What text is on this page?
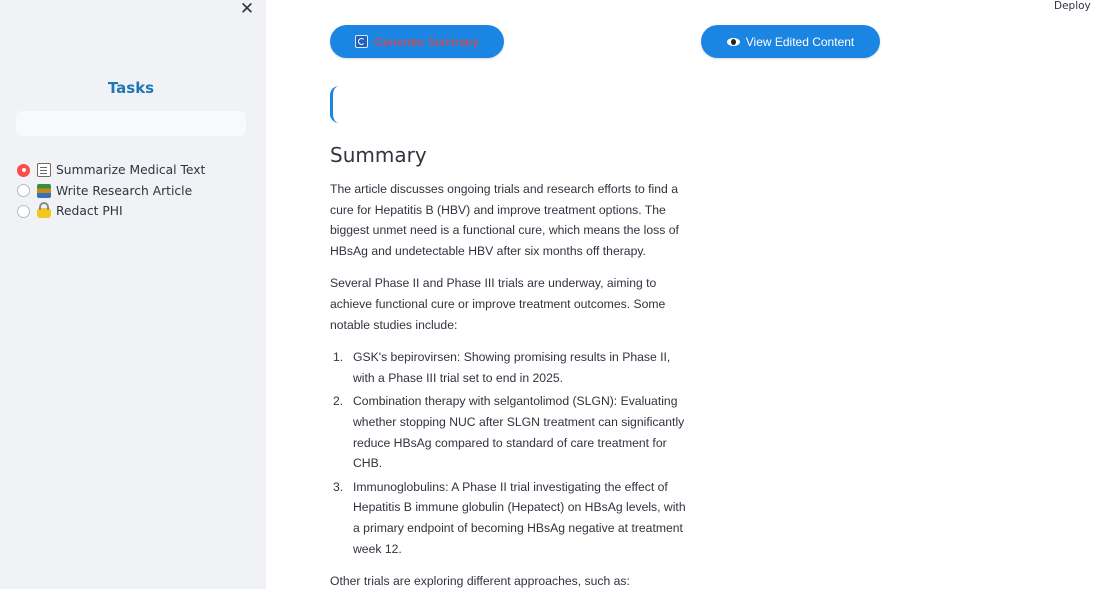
✕
Tasks
Summarize Medical Text
Write Research Article
Redact PHI
Deploy
Generate Summary	View Edited Content
Summary

The article discusses ongoing trials and research efforts to find a cure for Hepatitis B (HBV) and improve treatment options. The biggest unmet need is a functional cure, which means the loss of HBsAg and undetectable HBV after six months off therapy.

Several Phase II and Phase III trials are underway, aiming to achieve functional cure or improve treatment outcomes. Some notable studies include:

1. GSK's bepirovirsen: Showing promising results in Phase II, with a Phase III trial set to end in 2025.
2. Combination therapy with selgantolimod (SLGN): Evaluating whether stopping NUC after SLGN treatment can significantly reduce HBsAg compared to standard of care treatment for CHB.
3. Immunoglobulins: A Phase II trial investigating the effect of Hepatitis B immune globulin (Hepatect) on HBsAg levels, with a primary endpoint of becoming HBsAg negative at treatment week 12.

Other trials are exploring different approaches, such as:
